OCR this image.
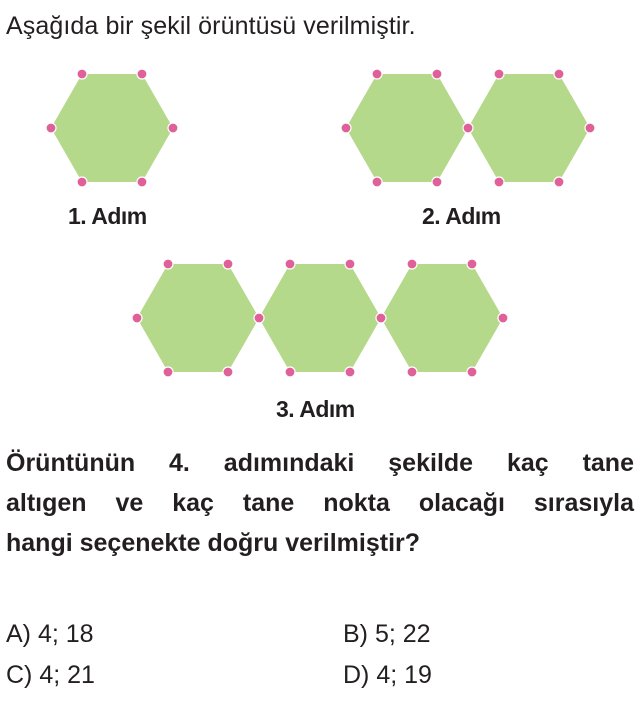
Aşağıda bir şekil örüntüsü verilmiştir.
1. Adım	2. Adım
3. Adım
Örüntünün 4. adımındaki şekilde kaç tane
altıgen ve kaç tane nokta olacağı sırasıyla
hangi seçenekte doğru verilmiştir?
A) 4; 18	B) 5; 22
C) 4; 21	D) 4; 19
